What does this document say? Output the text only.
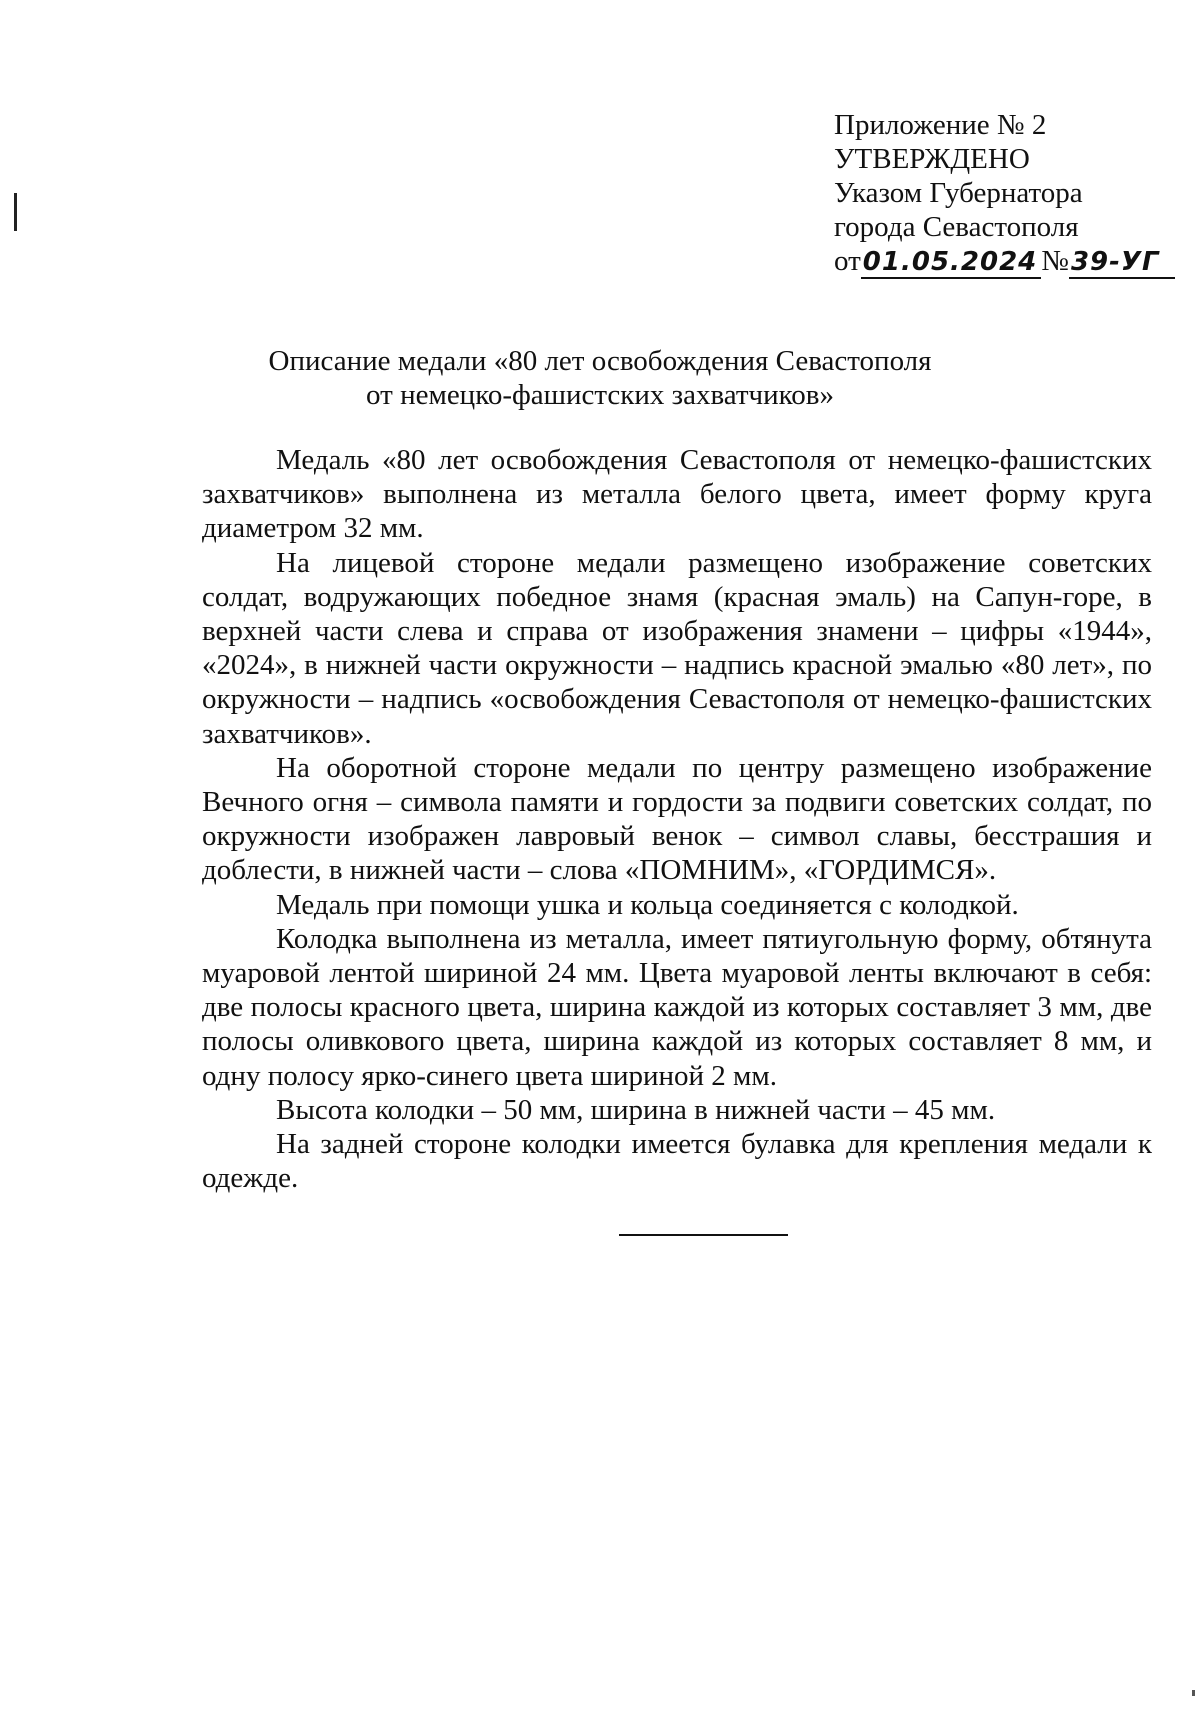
Приложение № 2
УТВЕРЖДЕНО
Указом Губернатора
города Севастополя
от01.05.2024 №39-УГ
Описание медали «80 лет освобождения Севастополя
от немецко-фашистских захватчиков»

Медаль «80 лет освобождения Севастополя от немецко-фашистских захватчиков» выполнена из металла белого цвета, имеет форму круга диаметром 32 мм.

На лицевой стороне медали размещено изображение советских солдат, водружающих победное знамя (красная эмаль) на Сапун-горе, в верхней части слева и справа от изображения знамени – цифры «1944», «2024», в нижней части окружности – надпись красной эмалью «80 лет», по окружности – надпись «освобождения Севастополя от немецко-фашистских захватчиков».

На оборотной стороне медали по центру размещено изображение Вечного огня – символа памяти и гордости за подвиги советских солдат, по окружности изображен лавровый венок – символ славы, бесстрашия и доблести, в нижней части – слова «ПОМНИМ», «ГОРДИМСЯ».

Медаль при помощи ушка и кольца соединяется с колодкой.

Колодка выполнена из металла, имеет пятиугольную форму, обтянута муаровой лентой шириной 24 мм. Цвета муаровой ленты включают в себя: две полосы красного цвета, ширина каждой из которых составляет 3 мм, две полосы оливкового цвета, ширина каждой из которых составляет 8 мм, и одну полосу ярко-синего цвета шириной 2 мм.

Высота колодки – 50 мм, ширина в нижней части – 45 мм.

На задней стороне колодки имеется булавка для крепления медали к одежде.
